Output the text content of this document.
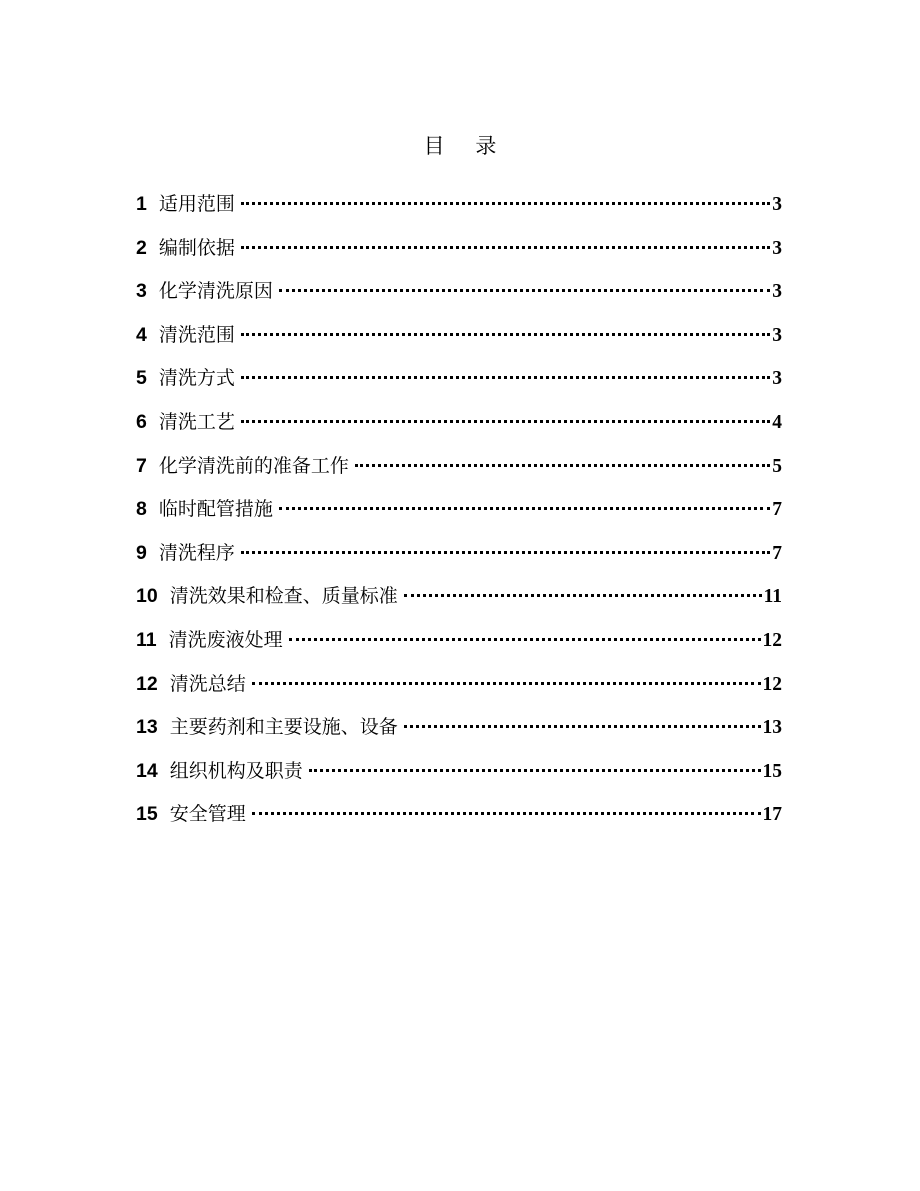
目 录
1 适用范围	3
2 编制依据	3
3 化学清洗原因	3
4 清洗范围	3
5 清洗方式	3
6 清洗工艺	4
7 化学清洗前的准备工作	5
8 临时配管措施	7
9 清洗程序	7
10 清洗效果和检查、质量标准	11
11 清洗废液处理	12
12 清洗总结	12
13 主要药剂和主要设施、设备	13
14 组织机构及职责	15
15 安全管理	17
